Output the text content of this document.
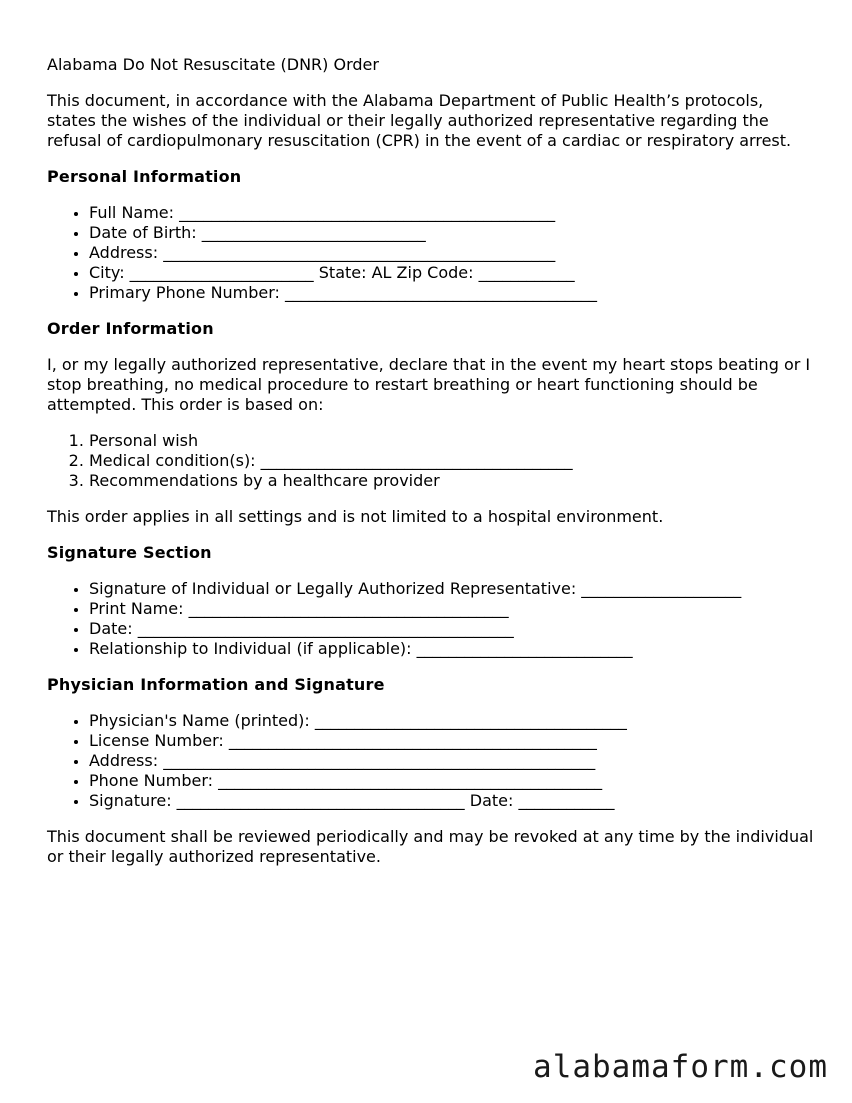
Alabama Do Not Resuscitate (DNR) Order

This document, in accordance with the Alabama Department of Public Health’s protocols, states the wishes of the individual or their legally authorized representative regarding the refusal of cardiopulmonary resuscitation (CPR) in the event of a cardiac or respiratory arrest.

Personal Information
• Full Name: _______________________________________________
• Date of Birth: ____________________________
• Address: _________________________________________________
• City: _______________________ State: AL Zip Code: ____________
• Primary Phone Number: _______________________________________
Order Information

I, or my legally authorized representative, declare that in the event my heart stops beating or I stop breathing, no medical procedure to restart breathing or heart functioning should be attempted. This order is based on:

1. Personal wish
2. Medical condition(s): _______________________________________
3. Recommendations by a healthcare provider

This order applies in all settings and is not limited to a hospital environment.

Signature Section
• Signature of Individual or Legally Authorized Representative: ____________________
• Print Name: ________________________________________
• Date: _______________________________________________
• Relationship to Individual (if applicable): ___________________________
Physician Information and Signature
• Physician's Name (printed): _______________________________________
• License Number: ______________________________________________
• Address: ______________________________________________________
• Phone Number: ________________________________________________
• Signature: ____________________________________ Date: ____________

This document shall be reviewed periodically and may be revoked at any time by the individual or their legally authorized representative.

alabamaform.com
